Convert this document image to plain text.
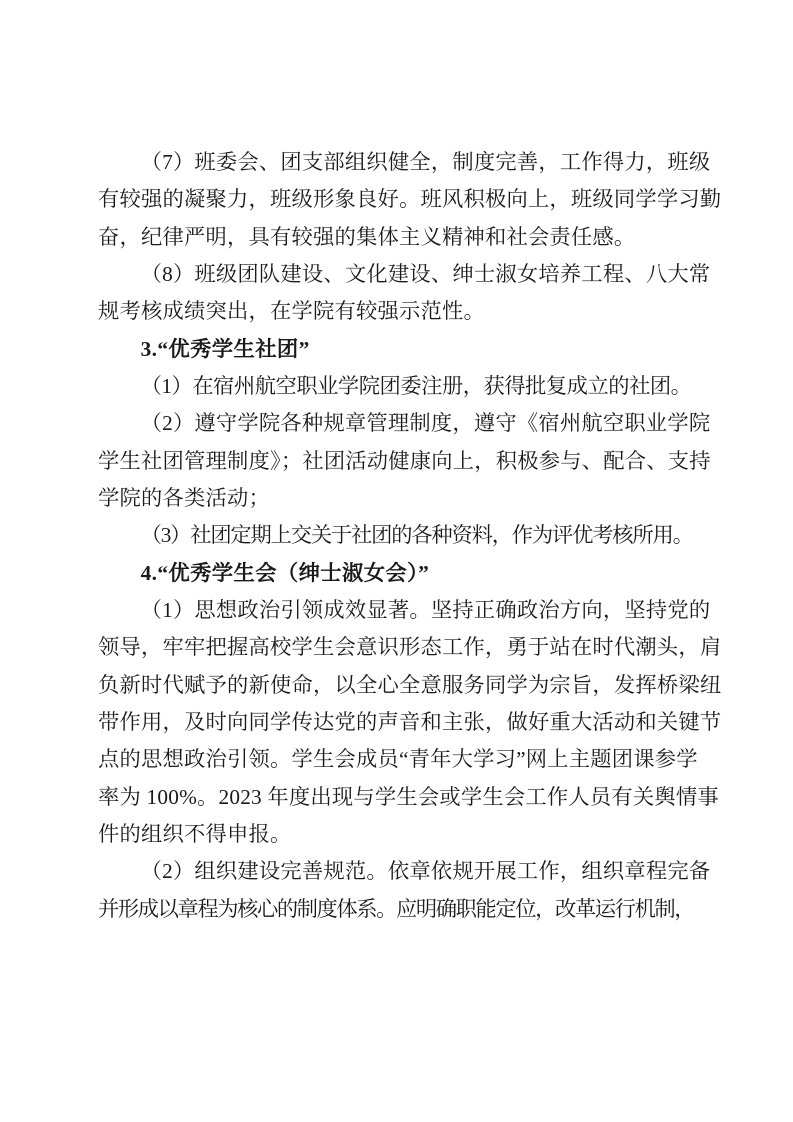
（7）班委会、团支部组织健全，制度完善，工作得力，班级
有较强的凝聚力，班级形象良好。班风积极向上，班级同学学习勤
奋，纪律严明，具有较强的集体主义精神和社会责任感。
（8）班级团队建设、文化建设、绅士淑女培养工程、八大常
规考核成绩突出，在学院有较强示范性。
3.“优秀学生社团”
（1）在宿州航空职业学院团委注册，获得批复成立的社团。
（2）遵守学院各种规章管理制度，遵守《宿州航空职业学院
学生社团管理制度》；社团活动健康向上，积极参与、配合、支持
学院的各类活动；
（3）社团定期上交关于社团的各种资料，作为评优考核所用。
4.“优秀学生会（绅士淑女会）”
（1）思想政治引领成效显著。坚持正确政治方向，坚持党的
领导，牢牢把握高校学生会意识形态工作，勇于站在时代潮头，肩
负新时代赋予的新使命，以全心全意服务同学为宗旨，发挥桥梁纽
带作用，及时向同学传达党的声音和主张，做好重大活动和关键节
点的思想政治引领。学生会成员“青年大学习”网上主题团课参学
率为 100%。2023 年度出现与学生会或学生会工作人员有关舆情事
件的组织不得申报。
（2）组织建设完善规范。依章依规开展工作，组织章程完备
并形成以章程为核心的制度体系。应明确职能定位，改革运行机制，
